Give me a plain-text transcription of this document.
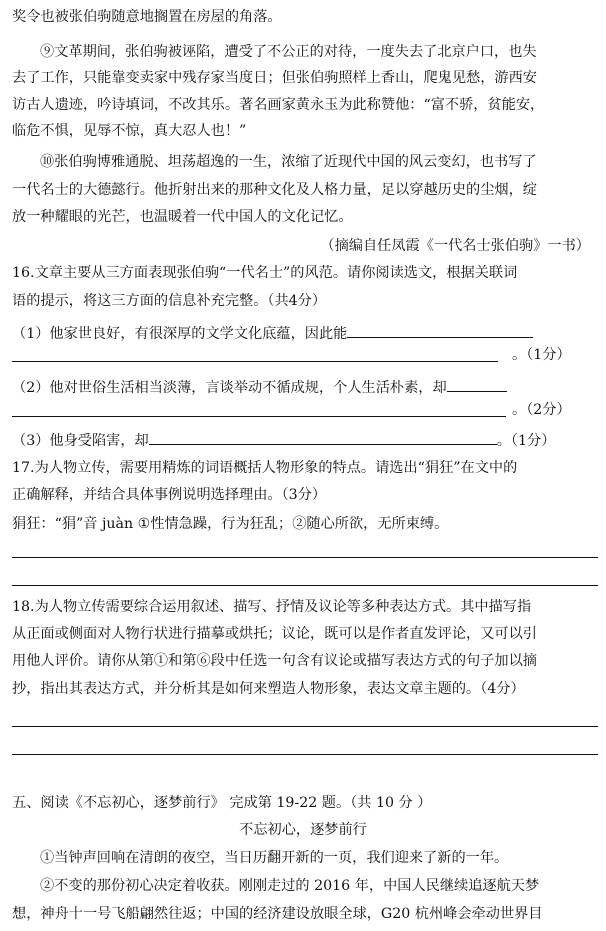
奖令也被张伯驹随意地搁置在房屋的角落。
⑨文革期间，张伯驹被诬陷，遭受了不公正的对待，一度失去了北京户口，也失
去了工作，只能靠变卖家中残存家当度日；但张伯驹照样上香山，爬鬼见愁，游西安
访古人遗迹，吟诗填词，不改其乐。著名画家黄永玉为此称赞他：“富不骄，贫能安，
临危不惧，见辱不惊，真大忍人也！”
⑩张伯驹博雅通脱、坦荡超逸的一生，浓缩了近现代中国的风云变幻，也书写了
一代名士的大德懿行。他折射出来的那种文化及人格力量，足以穿越历史的尘烟，绽
放一种耀眼的光芒，也温暖着一代中国人的文化记忆。
（摘编自任凤霞《一代名士张伯驹》一书）
16.文章主要从三方面表现张伯驹“一代名士”的风范。请你阅读选文，根据关联词
语的提示，将这三方面的信息补充完整。（共4分）
（1）他家世良好，有很深厚的文学文化底蕴，因此能
。（1分）
（2）他对世俗生活相当淡薄，言谈举动不循成规，个人生活朴素，却
。（2分）
（3）他身受陷害，却	。（1分）
17.为人物立传，需要用精炼的词语概括人物形象的特点。请选出“狷狂”在文中的
正确解释，并结合具体事例说明选择理由。（3分）
狷狂：“狷”音 juàn ①性情急躁，行为狂乱；②随心所欲，无所束缚。
18.为人物立传需要综合运用叙述、描写、抒情及议论等多种表达方式。其中描写指
从正面或侧面对人物行状进行描摹或烘托；议论，既可以是作者直发评论，又可以引
用他人评价。请你从第①和第⑥段中任选一句含有议论或描写表达方式的句子加以摘
抄，指出其表达方式，并分析其是如何来塑造人物形象，表达文章主题的。（4分）
五、阅读《不忘初心，逐梦前行》 完成第 19-22 题。（共 10 分 ）
不忘初心，逐梦前行
①当钟声回响在清朗的夜空，当日历翻开新的一页，我们迎来了新的一年。
②不变的那份初心决定着收获。刚刚走过的 2016 年，中国人民继续追逐航天梦
想，神舟十一号飞船翩然往返；中国的经济建设放眼全球，G20 杭州峰会牵动世界目
